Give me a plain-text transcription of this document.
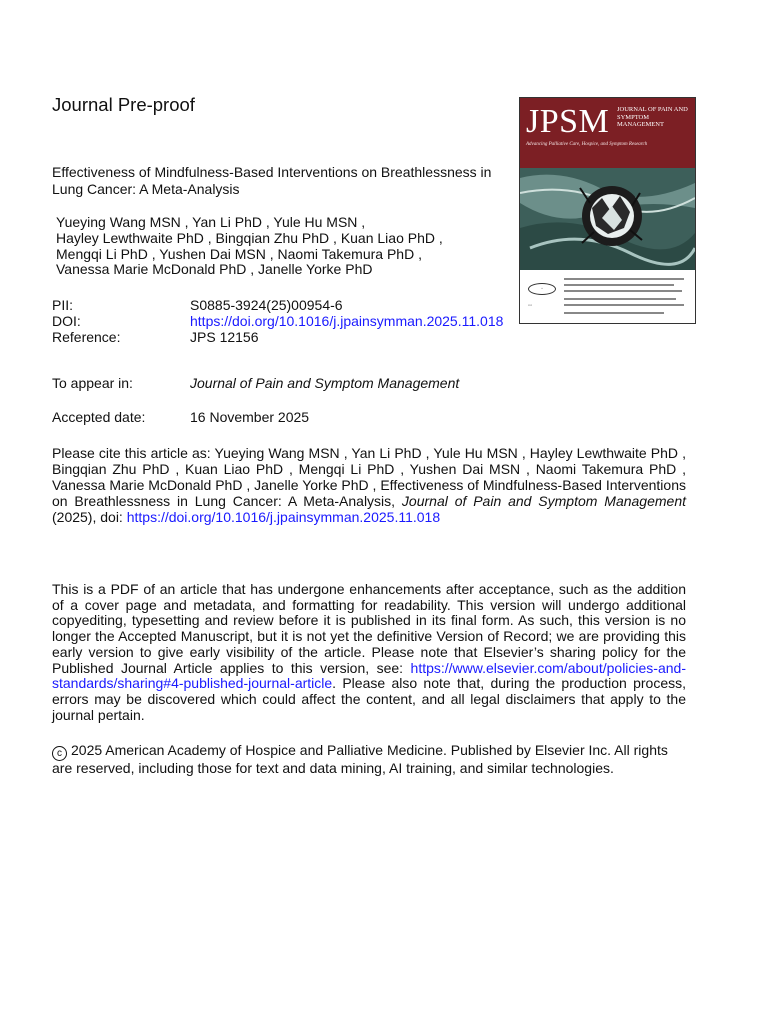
Journal Pre-proof
Effectiveness of Mindfulness-Based Interventions on Breathlessness in Lung Cancer: A Meta-Analysis
Yueying Wang MSN , Yan Li PhD , Yule Hu MSN ,
Hayley Lewthwaite PhD , Bingqian Zhu PhD , Kuan Liao PhD ,
Mengqi Li PhD , Yushen Dai MSN , Naomi Takemura PhD ,
Vanessa Marie McDonald PhD , Janelle Yorke PhD
PII:	S0885-3924(25)00954-6
DOI:	https://doi.org/10.1016/j.jpainsymman.2025.11.018
Reference:	JPS 12156
To appear in:	Journal of Pain and Symptom Management
Accepted date:	16 November 2025
Please cite this article as: Yueying Wang MSN , Yan Li PhD , Yule Hu MSN , Hayley Lewthwaite PhD , Bingqian Zhu PhD , Kuan Liao PhD , Mengqi Li PhD , Yushen Dai MSN , Naomi Takemura PhD , Vanessa Marie McDonald PhD , Janelle Yorke PhD , Effectiveness of Mindfulness-Based Interventions on Breathlessness in Lung Cancer: A Meta-Analysis, Journal of Pain and Symptom Management (2025), doi: https://doi.org/10.1016/j.jpainsymman.2025.11.018
This is a PDF of an article that has undergone enhancements after acceptance, such as the addition of a cover page and metadata, and formatting for readability. This version will undergo additional copyediting, typesetting and review before it is published in its final form. As such, this version is no longer the Accepted Manuscript, but it is not yet the definitive Version of Record; we are providing this early version to give early visibility of the article. Please note that Elsevier’s sharing policy for the Published Journal Article applies to this version, see: https://www.elsevier.com/about/policies-and-standards/sharing#4-published-journal-article. Please also note that, during the production process, errors may be discovered which could affect the content, and all legal disclaimers that apply to the journal pertain.
c 2025 American Academy of Hospice and Palliative Medicine. Published by Elsevier Inc. All rights are reserved, including those for text and data mining, AI training, and similar technologies.
JPSM JOURNAL OF PAIN AND SYMPTOM MANAGEMENT
Advancing Palliative Care, Hospice, and Symptom Research
◦
◦◦
